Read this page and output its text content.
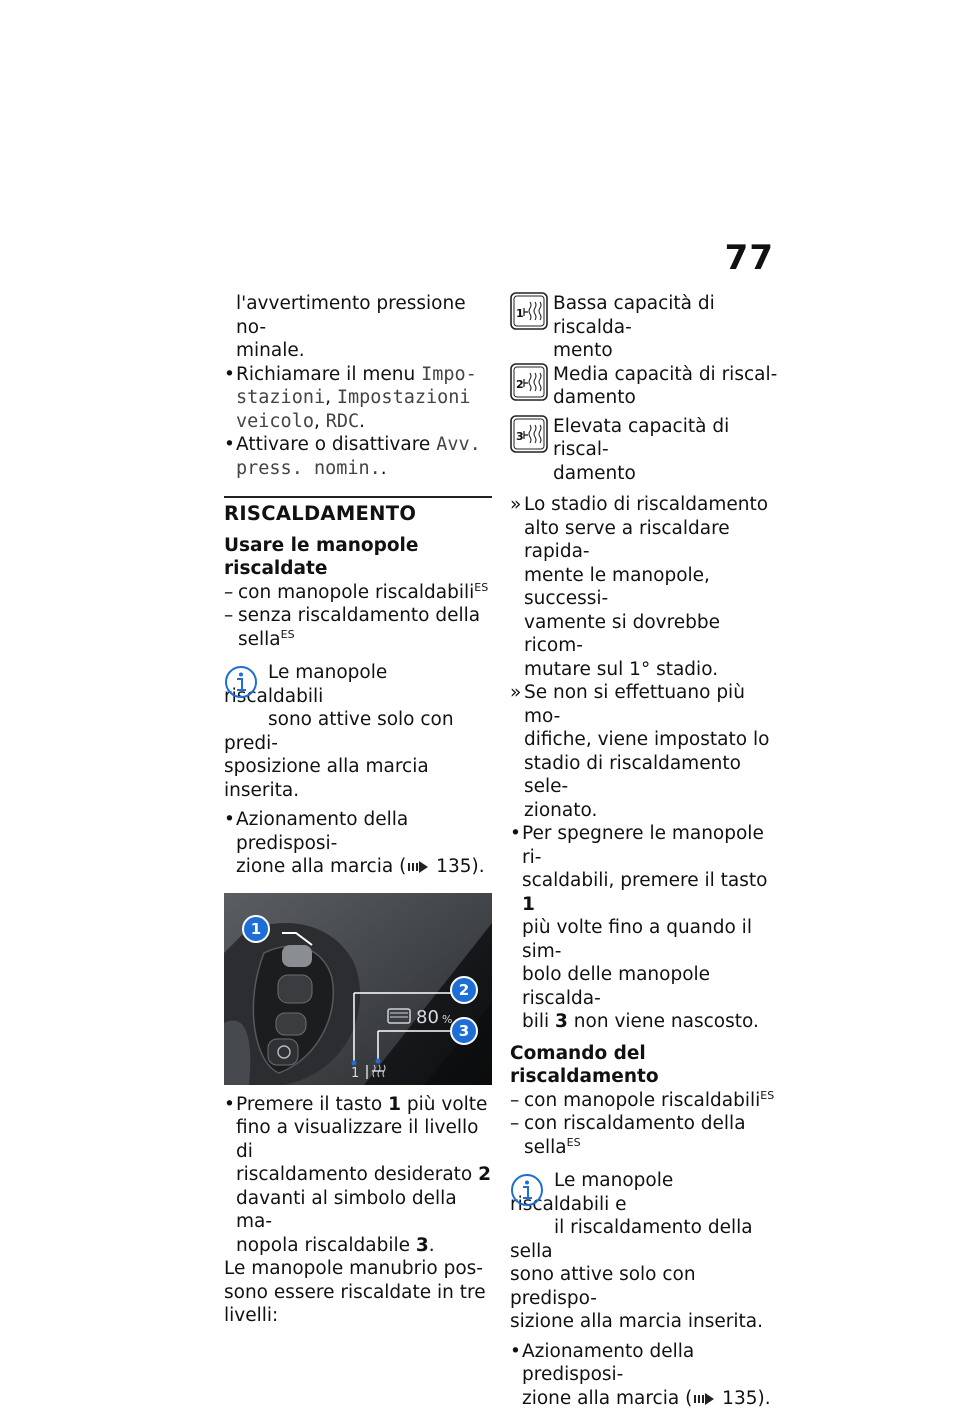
77
l'avvertimento pressione no-
minale.
• Richiamare il menu Impo-
stazioni, Impostazioni
veicolo, RDC.
• Attivare o disattivare Avv.
press. nomin..
RISCALDAMENTO
Usare le manopole riscaldate
– con manopole riscaldabili$^{ES}$
– senza riscaldamento della
sella$^{ES}$
Le manopole riscaldabili
sono attive solo con predi-
sposizione alla marcia inserita.
• Azionamento della predisposi-
zione alla marcia ( 135).
1
2
3
80 %
1
• Premere il tasto 1 più volte
fino a visualizzare il livello di
riscaldamento desiderato 2
davanti al simbolo della ma-
nopola riscaldabile 3.
Le manopole manubrio pos-
sono essere riscaldate in tre
livelli:
1 Bassa capacità di riscalda-
mento
2 Media capacità di riscal-
damento
3 Elevata capacità di riscal-
damento
» Lo stadio di riscaldamento
alto serve a riscaldare rapida-
mente le manopole, successi-
vamente si dovrebbe ricom-
mutare sul 1° stadio.
» Se non si effettuano più mo-
difiche, viene impostato lo
stadio di riscaldamento sele-
zionato.
• Per spegnere le manopole ri-
scaldabili, premere il tasto 1
più volte fino a quando il sim-
bolo delle manopole riscalda-
bili 3 non viene nascosto.
Comando del riscaldamento
– con manopole riscaldabili$^{ES}$
– con riscaldamento della
sella$^{ES}$
Le manopole riscaldabili e
il riscaldamento della sella
sono attive solo con predispo-
sizione alla marcia inserita.
• Azionamento della predisposi-
zione alla marcia ( 135).
